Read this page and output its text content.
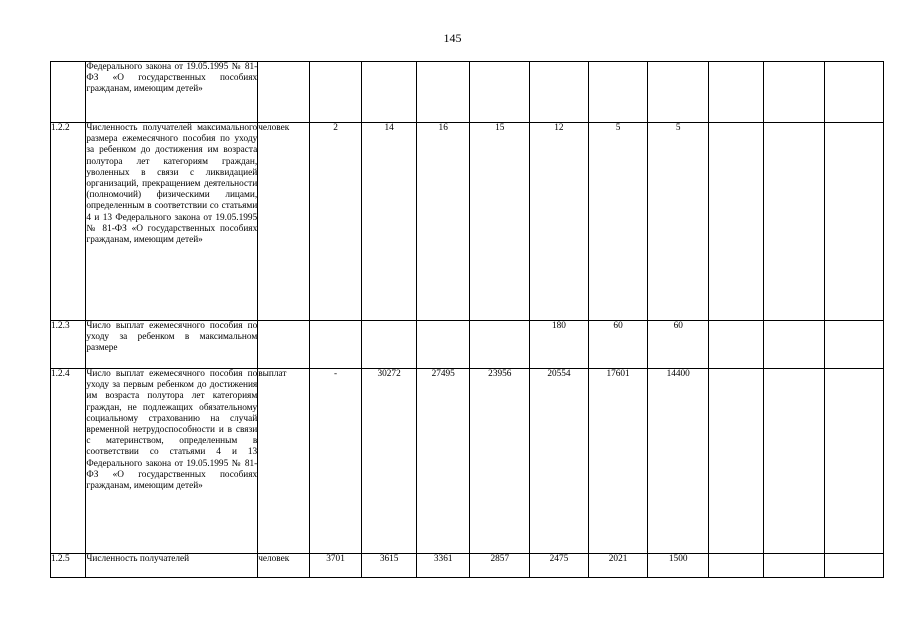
145
	Федерального закона от 19.05.1995 № 81-ФЗ «О государственных пособиях гражданам, имеющим детей»											
1.2.2	Численность получателей максимального размера ежемесячного пособия по уходу за ребенком до достижения им возраста полутора лет категориям граждан, уволенных в связи с ликвидацией организаций, прекращением деятельности (полномочий) физическими лицами, определенным в соответствии со статьями 4 и 13 Федерального закона от 19.05.1995 № 81-ФЗ «О государственных пособиях гражданам, имеющим детей»	человек	2	14	16	15	12	5	5			
1.2.3	Число выплат ежемесячного пособия по уходу за ребенком в максимальном размере						180	60	60			
1.2.4	Число выплат ежемесячного пособия по уходу за первым ребенком до достижения им возраста полутора лет категориям граждан, не подлежащих обязательному социальному страхованию на случай временной нетрудоспособности и в связи с материнством, определенным в соответствии со статьями 4 и 13 Федерального закона от 19.05.1995 № 81-ФЗ «О государственных пособиях гражданам, имеющим детей»	выплат	-	30272	27495	23956	20554	17601	14400			
1.2.5	Численность получателей	человек	3701	3615	3361	2857	2475	2021	1500			
